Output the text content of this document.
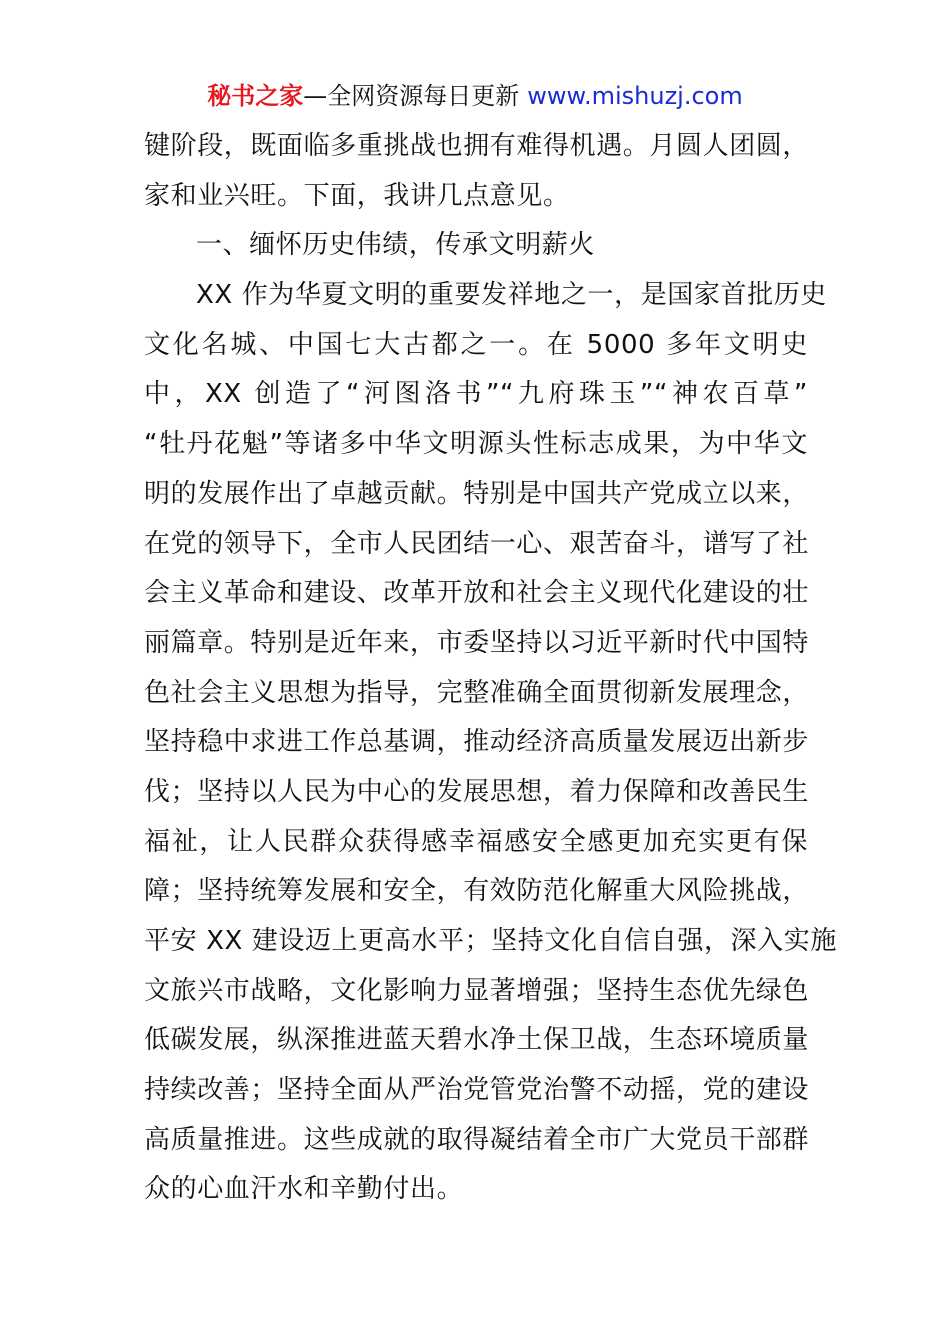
秘书之家—全网资源每日更新 www.mishuzj.com
键阶段，既面临多重挑战也拥有难得机遇。月圆人团圆，
家和业兴旺。下面，我讲几点意见。
一、缅怀历史伟绩，传承文明薪火
XX 作为华夏文明的重要发祥地之一，是国家首批历史
文化名城、中国七大古都之一。在 5000 多年文明史
中，XX 创造了“河图洛书”“九府珠玉”“神农百草”
“牡丹花魁”等诸多中华文明源头性标志成果，为中华文
明的发展作出了卓越贡献。特别是中国共产党成立以来，
在党的领导下，全市人民团结一心、艰苦奋斗，谱写了社
会主义革命和建设、改革开放和社会主义现代化建设的壮
丽篇章。特别是近年来，市委坚持以习近平新时代中国特
色社会主义思想为指导，完整准确全面贯彻新发展理念，
坚持稳中求进工作总基调，推动经济高质量发展迈出新步
伐；坚持以人民为中心的发展思想，着力保障和改善民生
福祉，让人民群众获得感幸福感安全感更加充实更有保
障；坚持统筹发展和安全，有效防范化解重大风险挑战，
平安 XX 建设迈上更高水平；坚持文化自信自强，深入实施
文旅兴市战略，文化影响力显著增强；坚持生态优先绿色
低碳发展，纵深推进蓝天碧水净土保卫战，生态环境质量
持续改善；坚持全面从严治党管党治警不动摇，党的建设
高质量推进。这些成就的取得凝结着全市广大党员干部群
众的心血汗水和辛勤付出。
